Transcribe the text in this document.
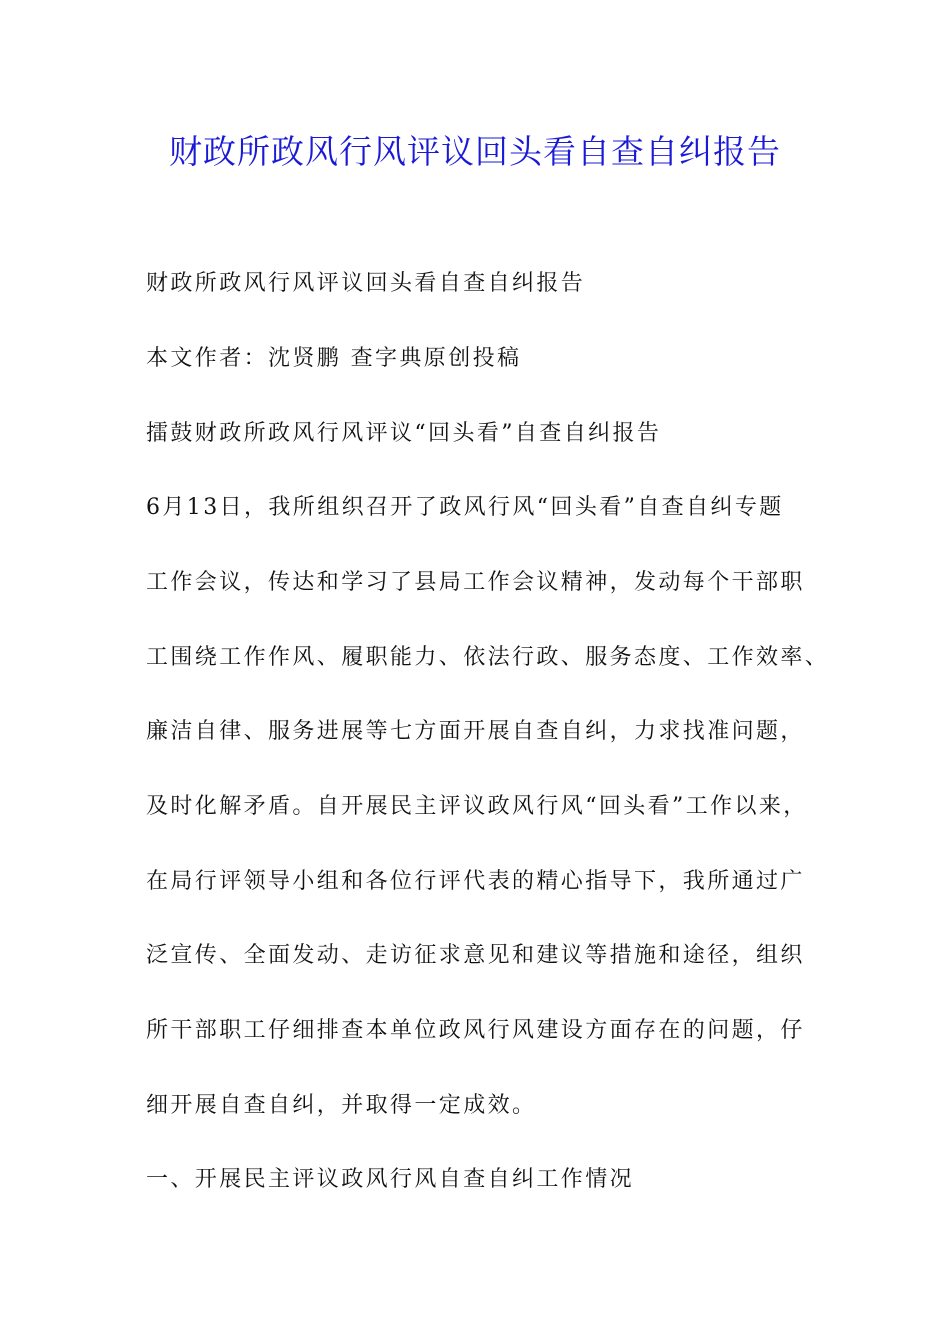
财政所政风行风评议回头看自查自纠报告
财政所政风行风评议回头看自查自纠报告
本文作者：沈贤鹏 查字典原创投稿
擂鼓财政所政风行风评议“回头看”自查自纠报告
6月13日，我所组织召开了政风行风“回头看”自查自纠专题
工作会议，传达和学习了县局工作会议精神，发动每个干部职
工围绕工作作风、履职能力、依法行政、服务态度、工作效率、
廉洁自律、服务进展等七方面开展自查自纠，力求找准问题，
及时化解矛盾。自开展民主评议政风行风“回头看”工作以来，
在局行评领导小组和各位行评代表的精心指导下，我所通过广
泛宣传、全面发动、走访征求意见和建议等措施和途径，组织
所干部职工仔细排查本单位政风行风建设方面存在的问题，仔
细开展自查自纠，并取得一定成效。
一、开展民主评议政风行风自查自纠工作情况
